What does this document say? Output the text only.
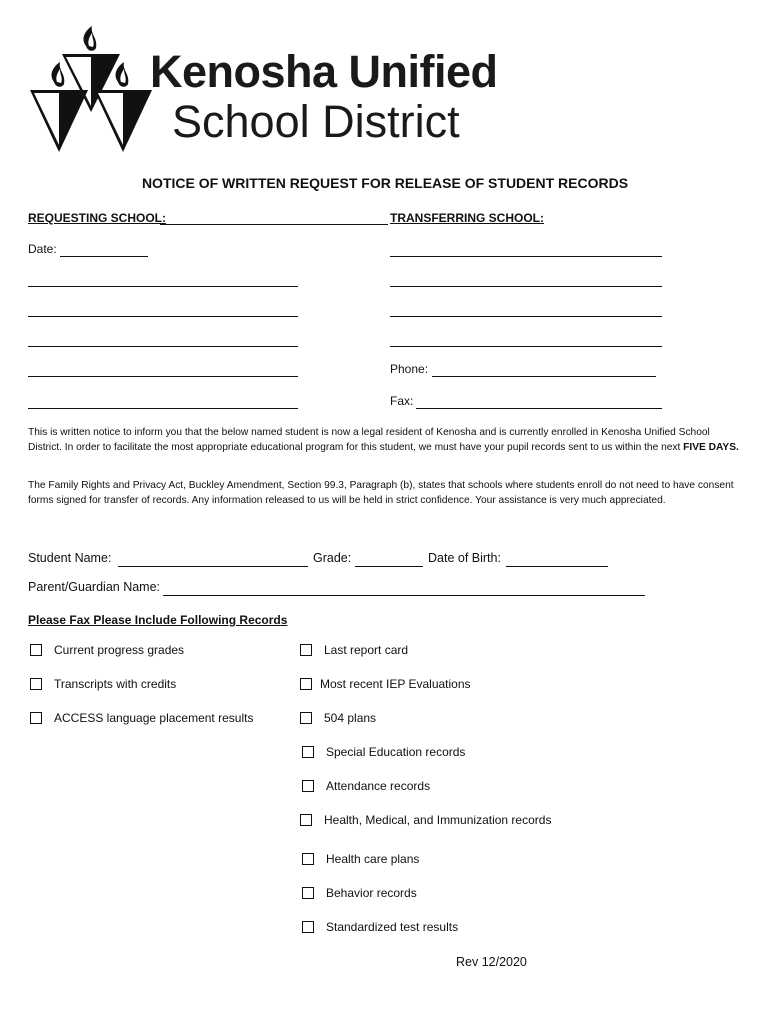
Kenosha Unified
School District
NOTICE OF WRITTEN REQUEST FOR RELEASE OF STUDENT RECORDS
REQUESTING SCHOOL:
Date:
TRANSFERRING SCHOOL:
Phone:
Fax:
This is written notice to inform you that the below named student is now a legal resident of Kenosha and is currently enrolled in Kenosha Unified School District. In order to facilitate the most appropriate educational program for this student, we must have your pupil records sent to us within the next FIVE DAYS.
The Family Rights and Privacy Act, Buckley Amendment, Section 99.3, Paragraph (b), states that schools where students enroll do not need to have consent forms signed for transfer of records. Any information released to us will be held in strict confidence. Your assistance is very much appreciated.
Student Name:	Grade:	Date of Birth:
Parent/Guardian Name:
Please Fax Please Include Following Records
Current progress grades
Transcripts with credits
ACCESS language placement results
Last report card
Most recent IEP Evaluations
504 plans
Special Education records
Attendance records
Health, Medical, and Immunization records
Health care plans
Behavior records
Standardized test results
Rev 12/2020
